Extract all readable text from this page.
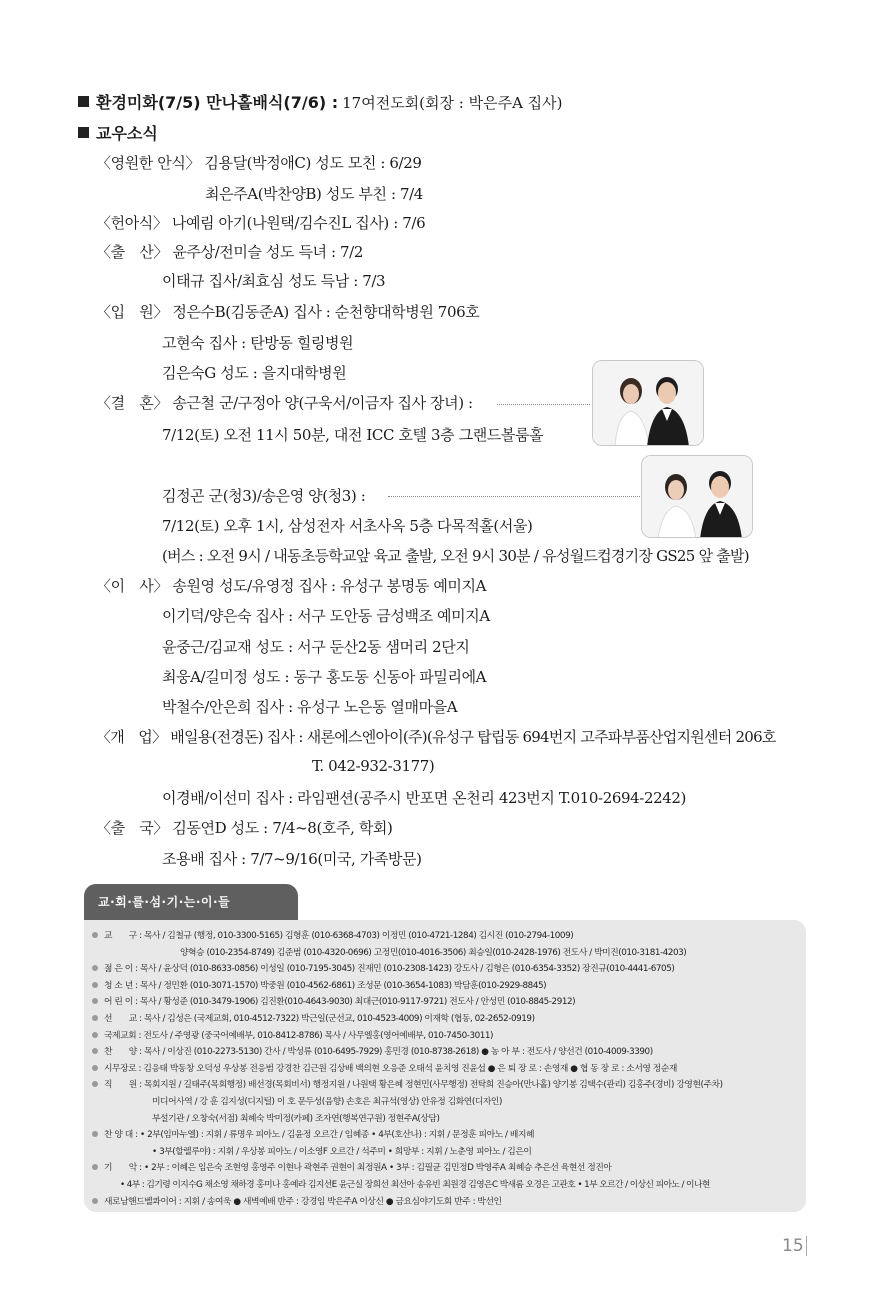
환경미화(7/5) 만나홀배식(7/6) : 17여전도회(회장 : 박은주A 집사)
교우소식
〈영원한 안식〉 김용달(박정애C) 성도 모친 : 6/29
최은주A(박찬양B) 성도 부친 : 7/4
〈헌아식〉 나예림 아기(나원택/김수진L 집사) : 7/6
〈출　산〉 윤주상/전미슬 성도 득녀 : 7/2
이태규 집사/최효심 성도 득남 : 7/3
〈입　원〉 정은수B(김동준A) 집사 : 순천향대학병원 706호
고현숙 집사 : 탄방동 힐링병원
김은숙G 성도 : 을지대학병원
〈결　혼〉 송근철 군/구정아 양(구욱서/이금자 집사 장녀) :
7/12(토) 오전 11시 50분, 대전 ICC 호텔 3층 그랜드볼룸홀
김정곤 군(청3)/송은영 양(청3) :
7/12(토) 오후 1시, 삼성전자 서초사옥 5층 다목적홀(서울)
(버스 : 오전 9시 / 내동초등학교앞 육교 출발, 오전 9시 30분 / 유성월드컵경기장 GS25 앞 출발)
〈이　사〉 송원영 성도/유영정 집사 : 유성구 봉명동 예미지A
이기덕/양은숙 집사 : 서구 도안동 금성백조 예미지A
윤중근/김교재 성도 : 서구 둔산2동 샘머리 2단지
최웅A/길미정 성도 : 동구 홍도동 신동아 파밀리에A
박철수/안은희 집사 : 유성구 노은동 열매마을A
〈개　업〉 배일용(전경돈) 집사 : 새론에스엔아이(주)(유성구 탑립동 694번지 고주파부품산업지원센터 206호
T. 042-932-3177)
이경배/이선미 집사 : 라임팬션(공주시 반포면 온천리 423번지 T.010-2694-2242)
〈출　국〉 김동연D 성도 : 7/4~8(호주, 학회)
조용배 집사 : 7/7~9/16(미국, 가족방문)
교·회·를·섬·기·는·이·들
교　　구 : 목사 / 김철규 (행정, 010-3300-5165) 김형훈 (010-6368-4703) 이정민 (010-4721-1284) 김시진 (010-2794-1009)
양혁승 (010-2354-8749) 김준범 (010-4320-0696) 고정민(010-4016-3506) 최승일(010-2428-1976) 전도사 / 박미진(010-3181-4203)
젊 은 이 : 목사 / 윤상덕 (010-8633-0856) 이성일 (010-7195-3045) 진재민 (010-2308-1423) 강도사 / 김형은 (010-6354-3352) 장진규(010-4441-6705)
청 소 년 : 목사 / 정민환 (010-3071-1570) 박중원 (010-4562-6861) 조성문 (010-3654-1083) 박담훈(010-2929-8845)
어 린 이 : 목사 / 황성준 (010-3479-1906) 김진환(010-4643-9030) 최대근(010-9117-9721) 전도사 / 안성민 (010-8845-2912)
선　　교 : 목사 / 김성은 (국제교회, 010-4512-7322) 박근일(군선교, 010-4523-4009) 이재학 (협동, 02-2652-0919)
국제교회 : 전도사 / 주영광 (중국어예배부, 010-8412-8786) 목사 / 사무엘홍(영어예배부, 010-7450-3011)
찬　　양 : 목사 / 이상진 (010-2273-5130) 간사 / 박성류 (010-6495-7929) 홍민경 (010-8738-2618) ● 농 아 부 : 전도사 / 양선건 (010-4009-3390)
시무장로 : 김응태 박동창 오덕성 우상봉 전응범 강경찬 김근원 김상배 백의현 오응준 오태석 윤치영 진윤섭 ● 은 퇴 장 로 : 손영재 ● 협 동 장 로 : 소서영 정순재
직　　원 : 목회지원 / 길태주(목회행정) 배선경(목회비서) 행정지원 / 나원택 황은혜 정현민(사무행정) 전탁희 진승아(만나홀) 양기봉 김택수(관리) 김홍주(경비) 강영현(주차)
미디어사역 / 강 훈 김지성(디지털) 이 호 문두성(음향) 손호은 최규석(영상) 안유정 김화연(디자인)
부설기관 / 오창숙(서점) 최혜숙 박미정(카페) 조자연(행복연구원) 정현주A(상담)
찬 양 대 : • 2부(임마누엘) : 지휘 / 류명우 피아노 / 김윤정 오르간 / 임혜종 • 4부(호산나) : 지휘 / 문정훈 피아노 / 배지혜
• 3부(할렐루야) : 지휘 / 우상봉 피아노 / 이소영F 오르간 / 석주미 • 희망부 : 지휘 / 노춘영 피아노 / 김은이
기　　악 : • 2부 : 이혜은 임은숙 조현영 홍영주 이현나 곽현주 권현이 최정원A • 3부 : 김필균 김민정D 박영주A 최혜승 추은선 육현선 정진아
• 4부 : 김기령 이지수G 채소영 채하경 홍미나 홍예라 김지선E 윤근실 장희선 최선아 송유빈 최원경 김영은C 박새롬 오경은 고관호 • 1부 오르간 / 이상신 피아노 / 이나현
15
새로남핸드벨콰이어 : 지휘 / 송여욱 ● 새벽예배 반주 : 강경임 박은주A 이상신 ● 금요심야기도회 반주 : 박선인
